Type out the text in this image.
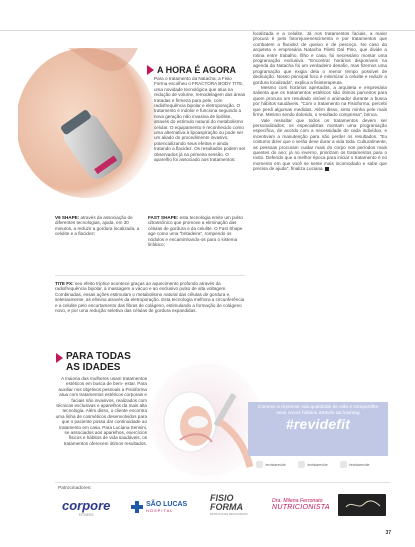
A HORA É AGORA
Para o tratamento da Natacha, a Fisio Forma escolheu o FRACTORA BODY TITE, uma novidade tecnológica que atua na redução de volume, remodelagem das áreas tratadas e firmeza para pele, com radiofrequência bipolar e eletroporação. O tratamento é indolor e funciona seguindo a nova geração não invasiva de lipólise, através do estímulo natural do metabolismo celular. O equipamento é reconhecido como uma alternativa à lipoaspiração ou pode ser um aliado do procedimento invasivo, potencializando seus efeitos e ainda tratando a flacidez. Os resultados podem ser observados já na primeira sessão. O aparelho foi associado aos tratamentos:
V6 SHAPE: através da associação de diferentes tecnologias, ajuda, em 30 minutos, a reduzir a gordura localizada, a celulite e a flacidez;
FAST SHAPE: esta tecnologia emite um pulso ultrassônico que promove a eliminação das células de gordura e da celulite. O Fast Shape age como uma "britadeira", rompendo os nódulos e encaminhando-os para o sistema linfático;
TITE FX: seu efeito tríplice acontece graças ao aquecimento profundo através da radiofrequência bipolar, à massagem a vácuo e ao exclusivo pulso de alta voltagem. Combinadas, essas ações estimulam o metabolismo natural das células de gordura e, seletivamente, as elimina através da eletroporação. Esta tecnologia melhora a circunferência e a celulite pelo encurtamento das fibras de colágeno, estimulando a formação de colágeno novo, e por uma redução seletiva das células de gordura expandidas.
PARA TODAS
AS IDADES
A maioria das mulheres usam tratamentos estéticos em busca de bem- estar. Para auxiliar nos objetivos pessoais a Fisioforma atua com tratamentos estéticos corporais e faciais não invasivos, realizados com técnicas exclusivas e aparelhos da mais alta tecnologia. Além disso, o cliente encontra uma linha de cosméticos desenvolvidos para que o paciente possa dar continuidade ao tratamento em casa. Para Luciana Sensini, se associados aos aparelhos, exercícios físicos e hábitos de vida saudáveis, os tratamentos oferecem ótimos resultados.
localizada e a celulite. Já nos tratamentos faciais, a maior procura é pelo fotorejuvenescimento e por tratamentos que combatem a flacidez de queixo e de pescoço. No caso da arquiteta e empresária Natacha Filetti Dal Pino, que divide a rotina entre trabalho, filho e casa, foi necessário montar uma programação exclusiva. "Encontrar horários disponíveis na agenda da Natacha foi um verdadeiro desafio, mas fizemos uma programação que exigia dela o menor tempo possível de dedicação. Nosso principal foco é minimizar a celulite e reduzir a gordura localizada", explica a fisioterapeuta.
Mesmo com horários apertados, a arquiteta e empresária salienta que os tratamentos estéticos são ótimos parceiros para quem procura um resultado visível e animador durante a busca por hábitos saudáveis. "Com o tratamento na Fisioforma, percebi que perdi algumas medidas. Além disso, sinto minha pele mais firme. Mesmo sendo dolorido, o resultado compensa", brinca.
Vale ressaltar que todos os tratamentos devem ser personalizados; os especialistas montam uma programação específica, de acordo com a necessidade de cada indivíduo, e incentivam a manutenção para não perder os resultados. "Eu costumo dizer que o verão deve durar a vida toda. Culturalmente, as pessoas procuram cuidar mais do corpo nos períodos mais quentes do ano; já no inverno, priorizam os tratamentos para o rosto. Defendo que a melhor época para iniciar o tratamento é no momento em que você se sente mais incomodado e sabe que precisa de ajuda", finaliza Luciana.
Comece a repensar sua qualidade de vida e compartilhe seus novos hábitos através da hashtag
#revidefit
/revistarevide	/revistarevide	/revistarevide
Patrocinadores:
corpore
FITNESS
SÃO LUCAS
HOSPITAL
FISIO FORMA
ESTÉTICA DE RESULTADOS
Dra. Milena Ferronato
NUTRICIONISTA
37
